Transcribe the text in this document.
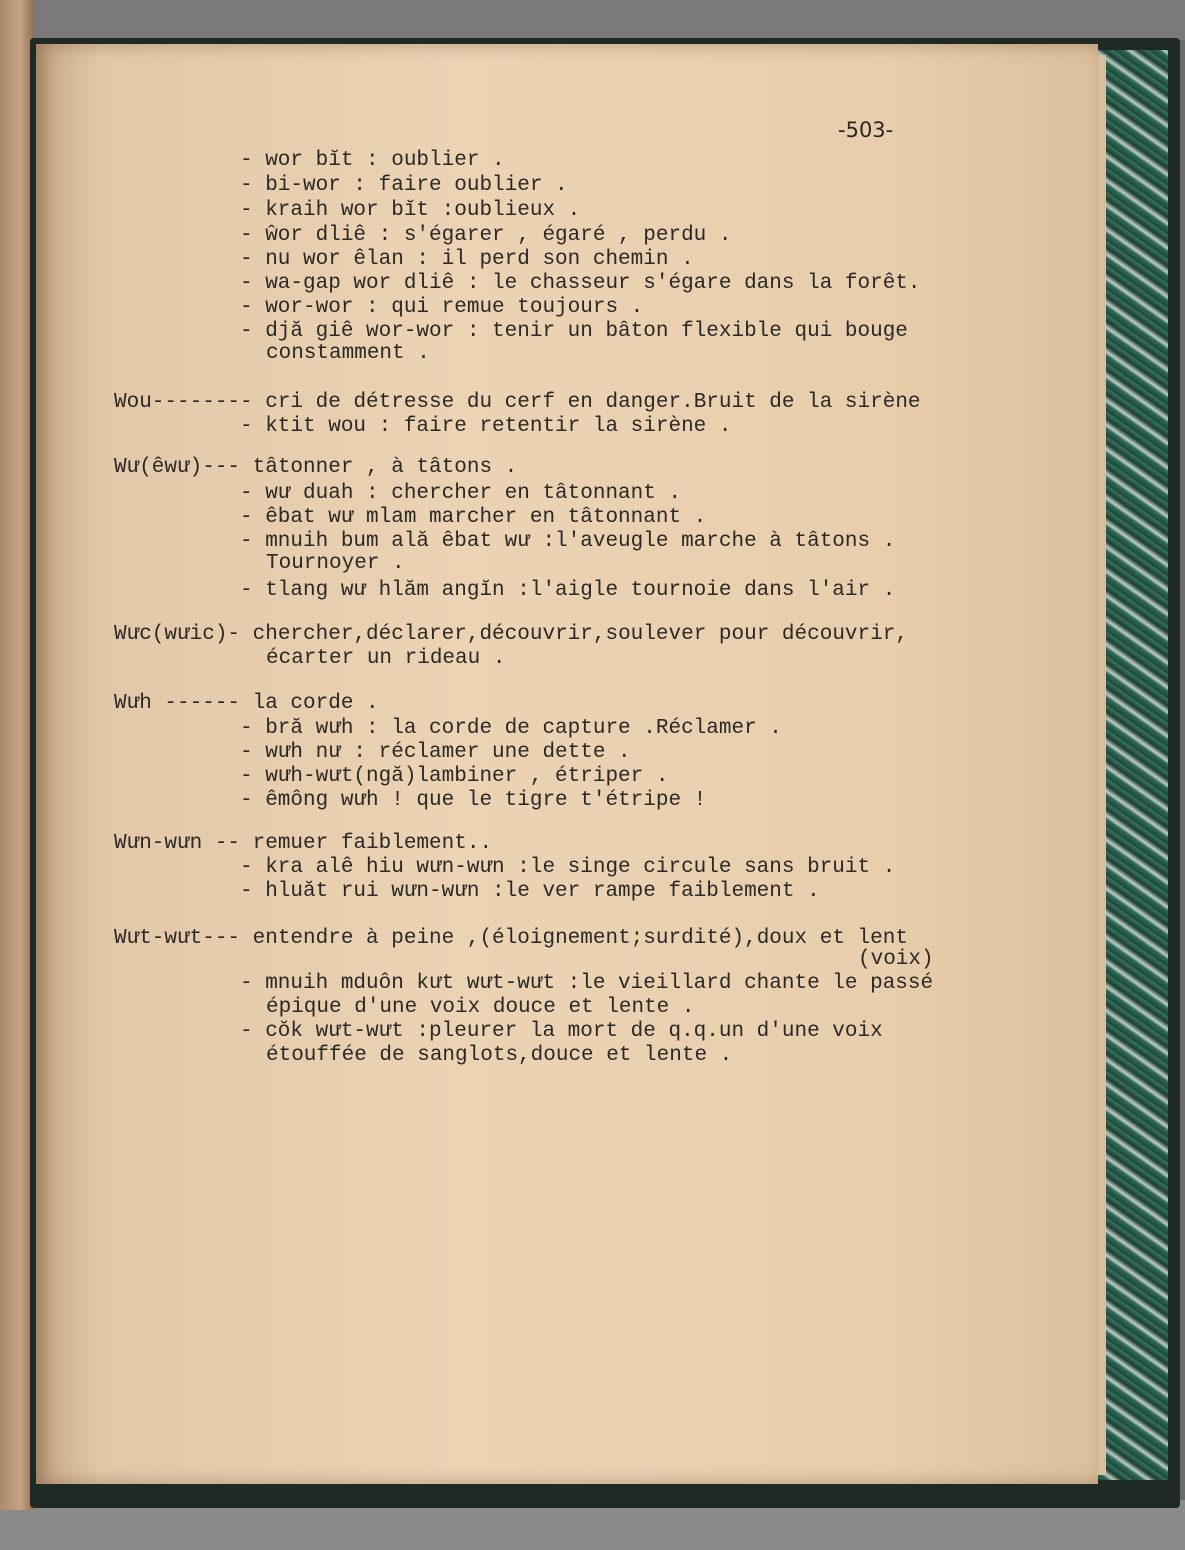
-503-
- wor bĭt : oublier .
- bi-wor : faire oublier .
- kraih wor bĭt :oublieux .
- ŵor dliê : s'égarer , égaré , perdu .
- nu wor êlan : il perd son chemin .
- wa-gap wor dliê : le chasseur s'égare dans la forêt.
- wor-wor : qui remue toujours .
- djă giê wor-wor : tenir un bâton flexible qui bouge
constamment .
Wou-------- cri de détresse du cerf en danger.Bruit de la sirène
- ktit wou : faire retentir la sirène .
Wư(êwư)--- tâtonner , à tâtons .
- wư duah : chercher en tâtonnant .
- êbat wư mlam marcher en tâtonnant .
- mnuih bum ală êbat wư :l'aveugle marche à tâtons .
Tournoyer .
- tlang wư hlăm angĭn :l'aigle tournoie dans l'air .
Wưc(wưic)- chercher,déclarer,découvrir,soulever pour découvrir,
écarter un rideau .
Wưh ------ la corde .
- bră wưh : la corde de capture .Réclamer .
- wưh nư : réclamer une dette .
- wưh-wưt(ngă)lambiner , étriper .
- êmông wưh ! que le tigre t'étripe !
Wưn-wưn -- remuer faiblement..
- kra alê hiu wưn-wưn :le singe circule sans bruit .
- hluăt rui wưn-wưn :le ver rampe faiblement .
Wưt-wưt--- entendre à peine ,(éloignement;surdité),doux et lent
(voix)
- mnuih mduôn kưt wưt-wưt :le vieillard chante le passé
épique d'une voix douce et lente .
- cŏk wưt-wưt :pleurer la mort de q.q.un d'une voix
étouffée de sanglots,douce et lente .
